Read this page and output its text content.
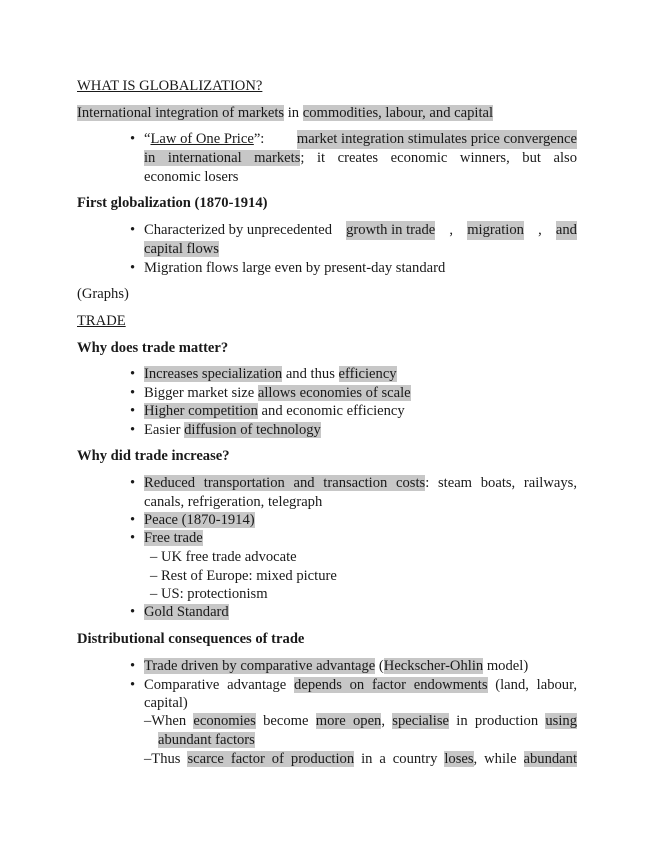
WHAT IS GLOBALIZATION?
International integration of markets in commodities, labour, and capital
• “Law of One Price”: market integration stimulates price convergence
in international markets; it creates economic winners, but also
economic losers
First globalization (1870-1914)
• Characterized by unprecedented growth in trade , migration , and
capital flows
• Migration flows large even by present-day standard
(Graphs)
TRADE
Why does trade matter?
• Increases specialization and thus efficiency
• Bigger market size allows economies of scale
• Higher competition and economic efficiency
• Easier diffusion of technology
Why did trade increase?
• Reduced transportation and transaction costs: steam boats, railways,
canals, refrigeration, telegraph
• Peace (1870-1914)
• Free trade
– UK free trade advocate
– Rest of Europe: mixed picture
– US: protectionism
• Gold Standard
Distributional consequences of trade
• Trade driven by comparative advantage (Heckscher-Ohlin model)
• Comparative advantage depends on factor endowments (land, labour,
capital)
–When economies become more open, specialise in production using
abundant factors
–Thus scarce factor of production in a country loses, while abundant
